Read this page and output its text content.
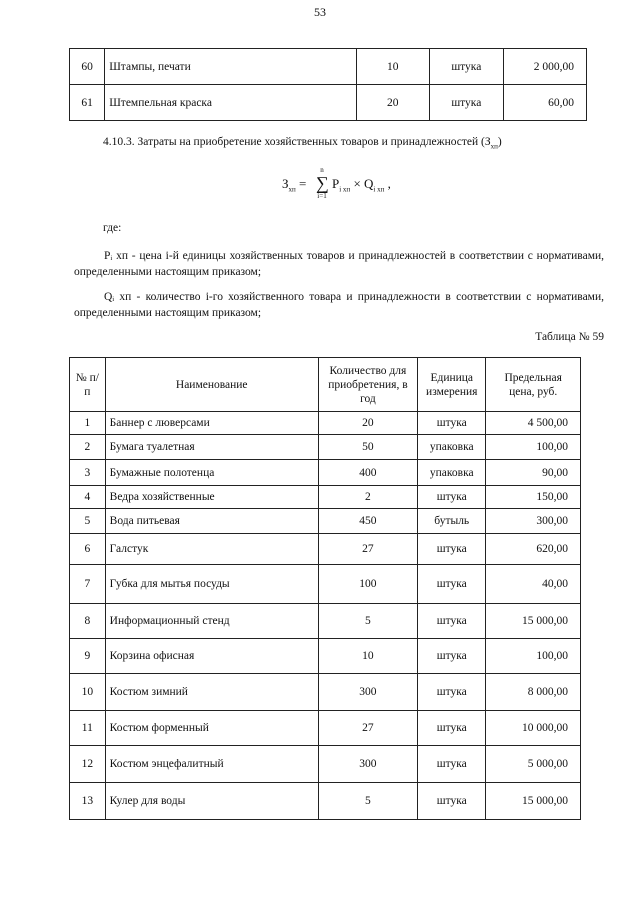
53
60	Штампы, печати	10	штука	2 000,00
61	Штемпельная краска	20	штука	60,00
4.10.3. Затраты на приобретение хозяйственных товаров и принадлежностей $(З_{хп})$
$З_{хп}$ =
n
∑
i=1
$P_{i хп} \times Q_{i хп}$ ,
где:
Pᵢ хп - цена i-й единицы хозяйственных товаров и принадлежностей в соответствии с нормативами, определенными настоящим приказом;
Qᵢ хп - количество i-го хозяйственного товара и принадлежности в соответствии с нормативами, определенными настоящим приказом;
Таблица № 59
№ п/п	Наименование	Количество для приобретения, в год	Единица измерения	Предельная цена, руб.
1	Баннер с люверсами	20	штука	4 500,00
2	Бумага туалетная	50	упаковка	100,00
3	Бумажные полотенца	400	упаковка	90,00
4	Ведра хозяйственные	2	штука	150,00
5	Вода питьевая	450	бутыль	300,00
6	Галстук	27	штука	620,00
7	Губка для мытья посуды	100	штука	40,00
8	Информационный стенд	5	штука	15 000,00
9	Корзина офисная	10	штука	100,00
10	Костюм зимний	300	штука	8 000,00
11	Костюм форменный	27	штука	10 000,00
12	Костюм энцефалитный	300	штука	5 000,00
13	Кулер для воды	5	штука	15 000,00
